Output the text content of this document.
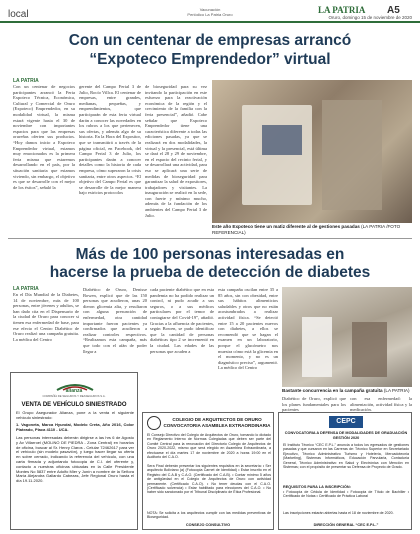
local	Vacunación
Periódico La Patria Oruro	LA PATRIA A5
Oruro, domingo 15 de noviembre de 2020
Con un centenar de empresas arrancó
“Expoteco Emprendedor” virtual
LA PATRIA
Con un centenar de negocios participantes arrancó la Feria Expoteco Técnica, Económica, Cultural y Comercial de Oruro (Expoteco) Emprendedor, en su modalidad virtual, la misma estará vigente hasta el 30 de noviembre con importantes espacios para que las empresas orureñas oferten sus productos. “Hoy damos inicio a Expoteco Emprendedor virtual, estamos muy emocionados es la primera feria misma que estaremos desarrollando en el país, por la situación sanitaria que estamos viviendo, sin embargo, el objetivo es que se desarrolle con el mejor de los éxitos”, señaló la
gerente del Campo Ferial 3 de Julio, Rocío Villca. El centenar de empresas, entre grandes, medianas, pequeñas, y emprendimientos, que participarán de esta feria virtual darán a conocer las novedades en los rubros a los que pertenecen, sus ofertas, y además algo de su historia. En la Hora del Expositor, que se transmitirá a través de la página oficial, en Facebook, del Campo Ferial 3 de Julio, los participantes darán a conocer detalles como la historia de cada empresa, cómo superaron la crisis sanitaria, entre otros aspectos. “El objetivo del Campo Ferial es que se desarrolle de la mejor manera bajo estrictos protocolos
de bioseguridad para su vez invitando la participación en este esfuerzo para la reactivación económica de la región y el crecimiento de la familia con la feria presencial”, añadió. Cabe señalar que Expoteco Emprendedor tiene una característica diferente a todas las ediciones pasadas, ya que se realizará en dos modalidades, la virtual y la presencial, está última se dará el 28 y 29 de noviembre, en el espacio del recinto ferial, y se desarrollará una actividad, para eso se aplicará una serie de medidas de bioseguridad para garantizar la salud de expositores, trabajadores y visitantes. La inauguración se realizó en la sede, con fuerte y mínimo mucho, además de la fundación de los ambientes del Campo Ferial 3 de Julio.
Este año Expoteco tiene un matiz diferente al de gestiones pasadas (LA PATRIA /FOTO REFERENCIAL)
Más de 100 personas interesadas en
hacerse la prueba de detección de diabetes
LA PATRIA
En el Día Mundial de la Diabetes, 14 de noviembre, más de 100 personas, entre jóvenes y adultos, se han dado cita en el Dispensario de la ciudad de Oruro para conocer si tienen esa enfermedad de base, para ese efecto el Centro Diabético de Oruro realizó una campaña gratuita. La médica del Centro
Diabético de Oruro, Denisse Bowen, explicó que de las 150 personas que acudieron, unas 20 dieron glicemia alta, y resultaron con alguna presunción de enfermedad, otra cantidad importante fueron pacientes ya confirmados que acudieron a realizar controles respectivos. “Realizamos esta campaña, más que todo con el afán de poder llegar a
cada paciente diabético que en esta pandemia no ha podido realizar un control, ni pudo acudir a sus seguros, o a sus médicos particulares por el temor de contagiarse del Covid-19”, añadió. Gracias a la afluencia de pacientes, según Bowen, se pudo identificar que la cantidad de personas diabéticas tipo 2 se incrementó en la ciudad. Las edades de las personas que acuden a
esta campaña oscilan entre 35 a 85 años, sin con obesidad, entre sus hábitos alimenticios saludables y otros que no están acostumbrados a realizar actividad física. “Se detectó entre 15 a 20 pacientes nuevos con diabetes, a ellos se recomendó que se hagan el examen en un laboratorio, porque el glucómetro nos muestra cómo está la glicemia en el momento, y no es un diagnóstico preciso”, argumentó. La médico del Centro
Bastante concurrencia en la campaña gratuita (LA PATRIA)
Diabético de Oruro, explicó que los planes fundamentales para los pacientes
con esa enfermedad: la alimentación, actividad física y la medicación.
alianza
COMPAÑÍA DE SEGUROS Y REASEGUROS S.A.
VENTA DE VEHÍCULO SINIESTRADO
El Grupo Asegurador Alianza, pone a la venta el siguiente vehículo siniestrado:
1. Vagoneta, Marca Hyundai, Modelo Creta, Año 2016, Color Plateado, Placa 4110 - UCA.
Las personas interesadas deberán dirigirse a las hrs 6 de Agosto y Av Villarroel (MOLINO DE PIEDRA - Zona Central) en horarios de oficina, buscar al Sr. Henry Claros - Celular 72462617 para ver el vehículo (sin modelo pasavión), y luego hacer llegar su oferta en sobre cerrado, indicando la referencia del vehículo, con una carta firmada y adjuntando fotocopia de C.I. del oferente y, contacto a nuestras oficinas ubicadas en la Calle Presidente Montes No 5837 entre Adolfo Mier y Junín a nombre de la Señora María Alejandra Gallardo Cabezas, Jefe Regional Oruro hasta el día 19.11.2020.
COLEGIO DE ARQUITECTOS DE ORURO
CONVOCATORIA ASAMBLEA EXTRAORDINARIA
El Consejo Directivo del Colegio de Arquitectos de Oruro, tomando lo dictado en Reglamento Interno de Normas Colegiadas que deben ser parte del Comité Central para la renovación del Directorio Colegio de Arquitectos de Oruro 2020-2022, mismo que será elegido en Asamblea Extraordinaria, a efectuarse el día martes 17 de noviembre de 2020 a horas 19:00 en el Auditorio del C.A.O.
Sera Final deberán presentar los siguientes requisitos en la secretaría: • Ser arquitecto Boliviano (a) (Fotocopia Carnet de Identidad) • Estar inscrito en el Registro del C.A.B y C.A.O. (Certificado del C.A.B). • Contar mínimo 5 años de antigüedad en el Colegio de Arquitectos de Oruro con actividad permanente. (Certificado C.A.O). • No tener deudas con el C.A.O. (Certificado solvencia) • Estar habilitado para elecciones del C.A.O. • No haber sido sancionado por el Tribunal Disciplinario de Ética Profesional.
NOTA: Se solicita a los arquitectos cumplir con las medidas preventivas de Bioseguridad.
CONSEJO CONSULTIVO
CEPC
CONVOCATORIA A DEFENSA DE MODALIDADES DE GRADUACIÓN
GESTIÓN 2020
El Instituto Técnico “CEC E.P.L.” anuncia a todos los egresados de gestiones pasadas y que cursaron en las Carreras de: Técnico Superior en Secretariado Ejecutivo, Técnico Administrativo Turismo y Hotelería, Mercadotecnia (Marketing), Sistemas Informáticos, Educación Parvularia, Contaduría General, Técnico Administrativo en Salud y Electrónica con Mención en Sistemas; con el propósito de presentar su Defensa de Proyecto de Grado.
REQUISITOS PARA LA INSCRIPCIÓN:
• Fotocopia de Cédula de Identidad • Fotocopia de Título de Bachiller • Certificado de Notas • Certificado de Práctica Laboral
Las inscripciones estarán abiertas hasta el 18 de noviembre de 2020.
DIRECCIÓN GENERAL “CEC E.P.L.”
